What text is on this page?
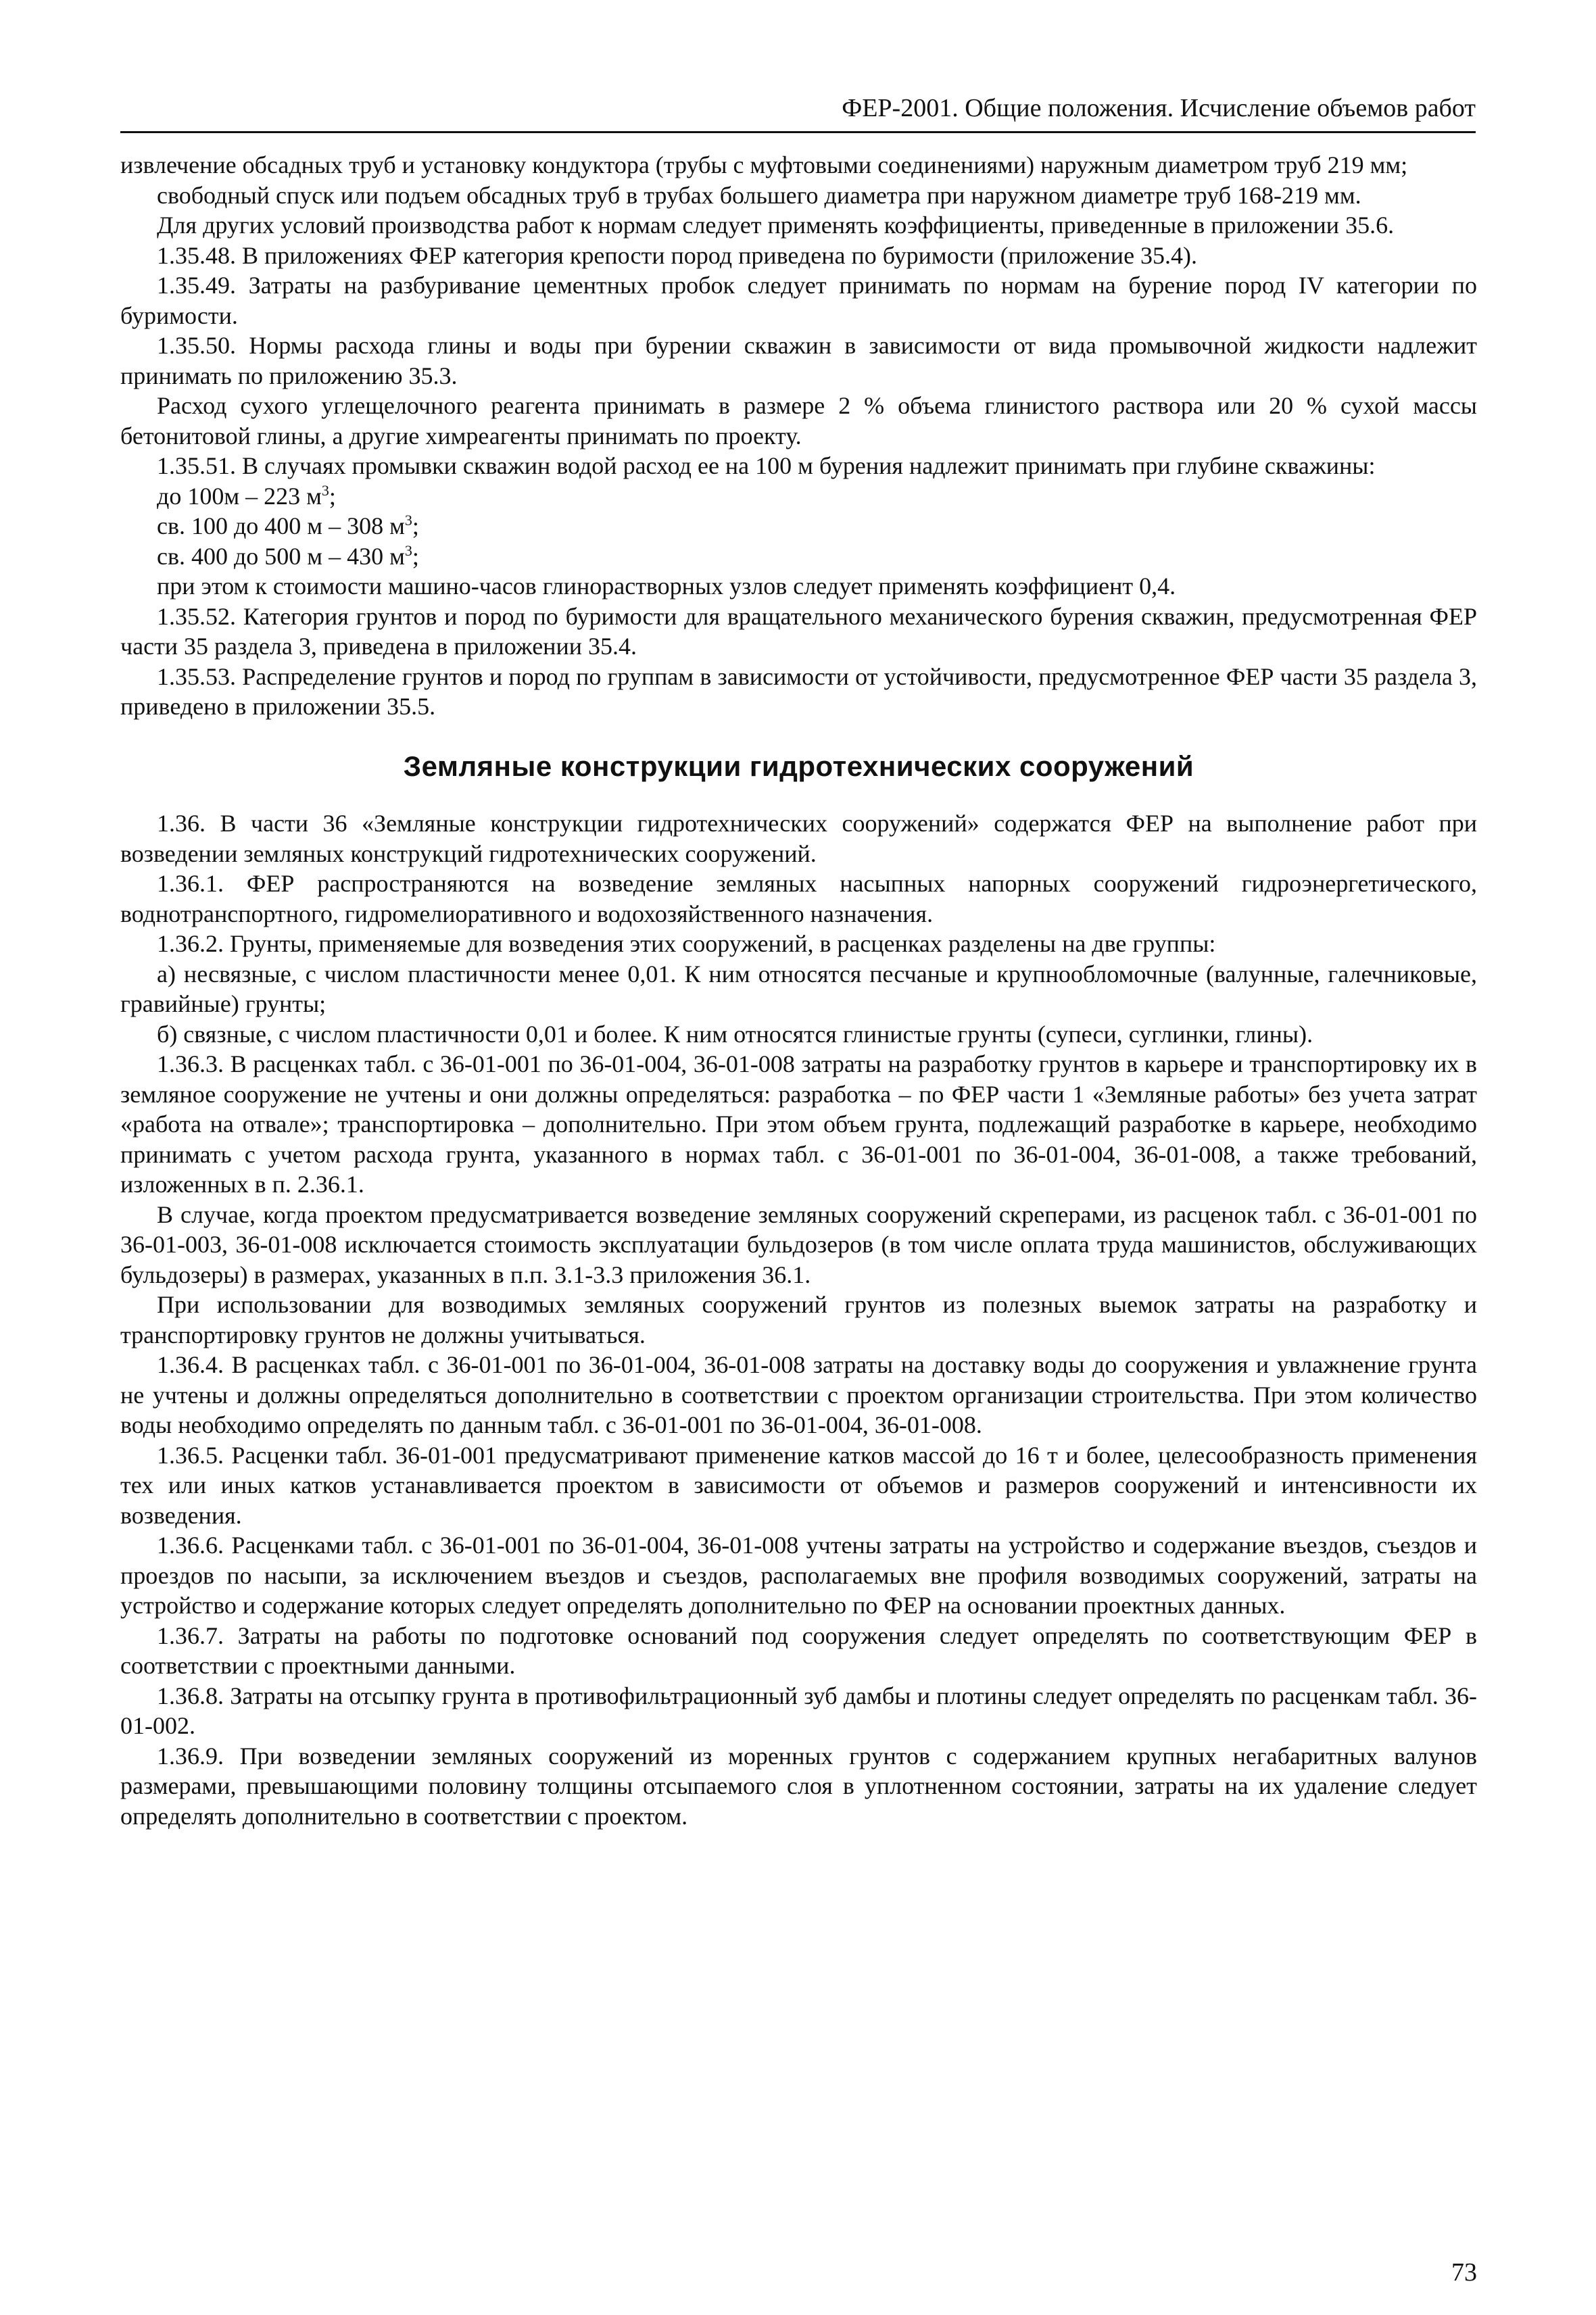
ФЕР-2001. Общие положения. Исчисление объемов работ

извлечение обсадных труб и установку кондуктора (трубы с муфтовыми соединениями) наружным диаметром труб 219 мм;

свободный спуск или подъем обсадных труб в трубах большего диаметра при наружном диаметре труб 168-219 мм.

Для других условий производства работ к нормам следует применять коэффициенты, приведенные в приложении 35.6.

1.35.48. В приложениях ФЕР категория крепости пород приведена по буримости (приложение 35.4).

1.35.49. Затраты на разбуривание цементных пробок следует принимать по нормам на бурение пород IV категории по буримости.

1.35.50. Нормы расхода глины и воды при бурении скважин в зависимости от вида промывочной жидкости надлежит принимать по приложению 35.3.

Расход сухого углещелочного реагента принимать в размере 2 % объема глинистого раствора или 20 % сухой массы бетонитовой глины, а другие химреагенты принимать по проекту.

1.35.51. В случаях промывки скважин водой расход ее на 100 м бурения надлежит принимать при глубине скважины:

до 100м – 223 $м^3$;

св. 100 до 400 м – 308 $м^3$;

св. 400 до 500 м – 430 $м^3$;

при этом к стоимости машино-часов глинорастворных узлов следует применять коэффициент 0,4.

1.35.52. Категория грунтов и пород по буримости для вращательного механического бурения скважин, предусмотренная ФЕР части 35 раздела 3, приведена в приложении 35.4.

1.35.53. Распределение грунтов и пород по группам в зависимости от устойчивости, предусмотренное ФЕР части 35 раздела 3, приведено в приложении 35.5.

Земляные конструкции гидротехнических сооружений

1.36. В части 36 «Земляные конструкции гидротехнических сооружений» содержатся ФЕР на выполнение работ при возведении земляных конструкций гидротехнических сооружений.

1.36.1. ФЕР распространяются на возведение земляных насыпных напорных сооружений гидроэнергетического, воднотранспортного, гидромелиоративного и водохозяйственного назначения.

1.36.2. Грунты, применяемые для возведения этих сооружений, в расценках разделены на две группы:

а) несвязные, с числом пластичности менее 0,01. К ним относятся песчаные и крупнообломочные (валунные, галечниковые, гравийные) грунты;

б) связные, с числом пластичности 0,01 и более. К ним относятся глинистые грунты (супеси, суглинки, глины).

1.36.3. В расценках табл. с 36-01-001 по 36-01-004, 36-01-008 затраты на разработку грунтов в карьере и транспортировку их в земляное сооружение не учтены и они должны определяться: разработка – по ФЕР части 1 «Земляные работы» без учета затрат «работа на отвале»; транспортировка – дополнительно. При этом объем грунта, подлежащий разработке в карьере, необходимо принимать с учетом расхода грунта, указанного в нормах табл. с 36-01-001 по 36-01-004, 36-01-008, а также требований, изложенных в п. 2.36.1.

В случае, когда проектом предусматривается возведение земляных сооружений скреперами, из расценок табл. с 36-01-001 по 36-01-003, 36-01-008 исключается стоимость эксплуатации бульдозеров (в том числе оплата труда машинистов, обслуживающих бульдозеры) в размерах, указанных в п.п. 3.1-3.3 приложения 36.1.

При использовании для возводимых земляных сооружений грунтов из полезных выемок затраты на разработку и транспортировку грунтов не должны учитываться.

1.36.4. В расценках табл. с 36-01-001 по 36-01-004, 36-01-008 затраты на доставку воды до сооружения и увлажнение грунта не учтены и должны определяться дополнительно в соответствии с проектом организации строительства. При этом количество воды необходимо определять по данным табл. с 36-01-001 по 36-01-004, 36-01-008.

1.36.5. Расценки табл. 36-01-001 предусматривают применение катков массой до 16 т и более, целесообразность применения тех или иных катков устанавливается проектом в зависимости от объемов и размеров сооружений и интенсивности их возведения.

1.36.6. Расценками табл. с 36-01-001 по 36-01-004, 36-01-008 учтены затраты на устройство и содержание въездов, съездов и проездов по насыпи, за исключением въездов и съездов, располагаемых вне профиля возводимых сооружений, затраты на устройство и содержание которых следует определять дополнительно по ФЕР на основании проектных данных.

1.36.7. Затраты на работы по подготовке оснований под сооружения следует определять по соответствующим ФЕР в соответствии с проектными данными.

1.36.8. Затраты на отсыпку грунта в противофильтрационный зуб дамбы и плотины следует определять по расценкам табл. 36-01-002.

1.36.9. При возведении земляных сооружений из моренных грунтов с содержанием крупных негабаритных валунов размерами, превышающими половину толщины отсыпаемого слоя в уплотненном состоянии, затраты на их удаление следует определять дополнительно в соответствии с проектом.

73
